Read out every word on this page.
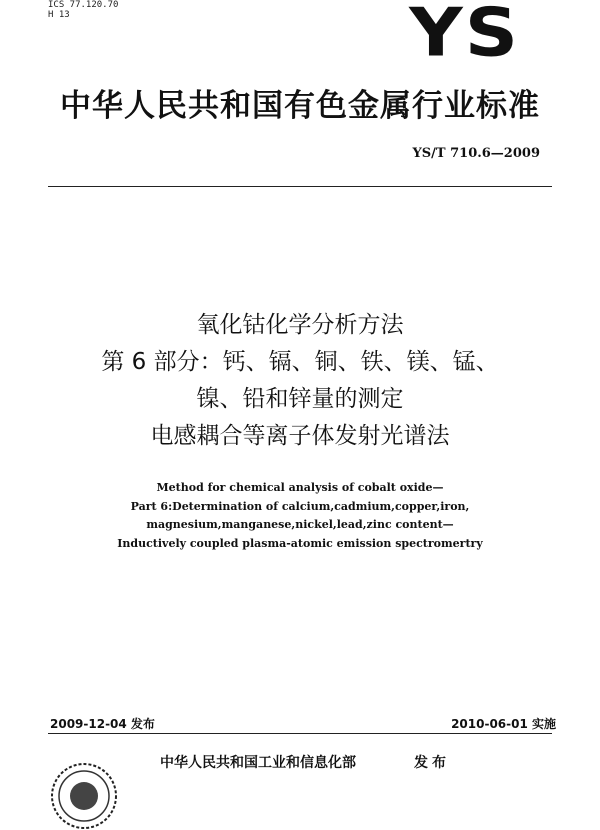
ICS 77.120.70
H 13	YS
中华人民共和国有色金属行业标准
YS/T 710.6—2009
氧化钴化学分析方法
第 6 部分：钙、镉、铜、铁、镁、锰、
镍、铅和锌量的测定
电感耦合等离子体发射光谱法
Method for chemical analysis of cobalt oxide—
Part 6:Determination of calcium,cadmium,copper,iron,
magnesium,manganese,nickel,lead,zinc content—
Inductively coupled plasma-atomic emission spectromertry
2009-12-04 发布	2010-06-01 实施
中华人民共和国工业和信息化部	发布
